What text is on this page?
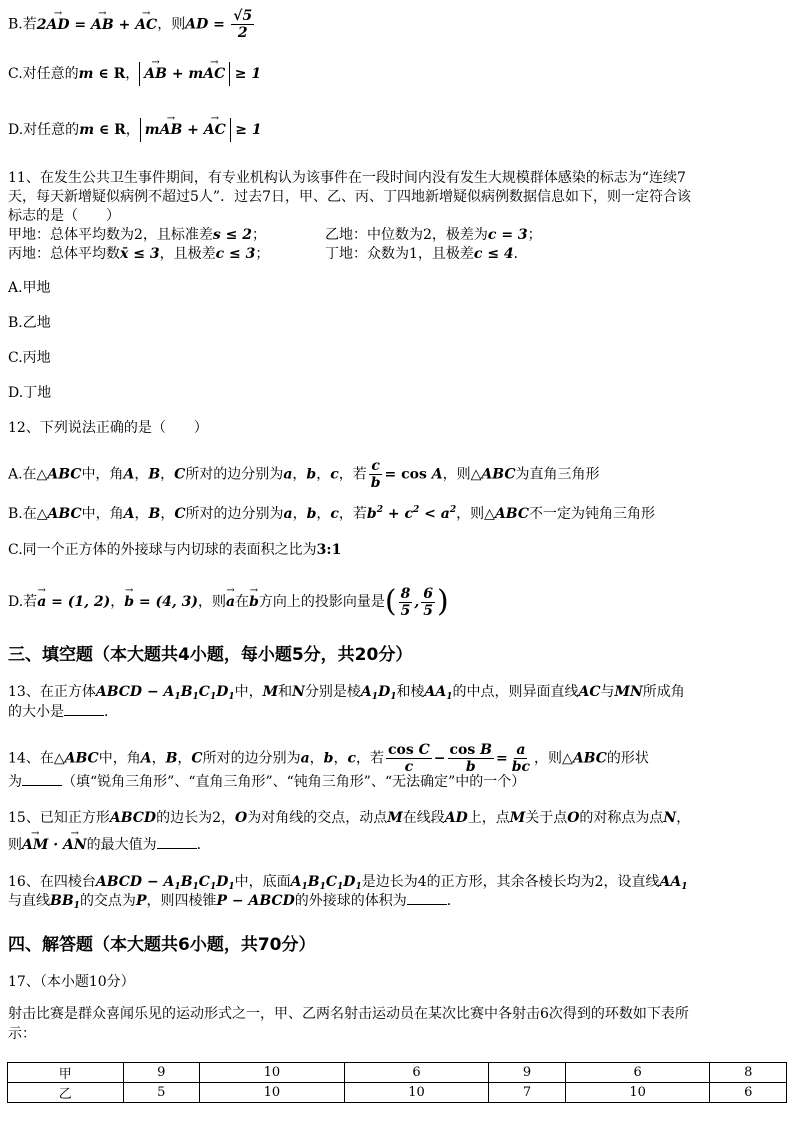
B.若2→ AD = → AB + → AC，则AD = $\frac{√5}{2}$
C.对任意的m ∈ R， → AB + m→ AC ≥ 1
D.对任意的m ∈ R， m→ AB + → AC ≥ 1
11、在发生公共卫生事件期间，有专业机构认为该事件在一段时间内没有发生大规模群体感染的标志为“连续7
天，每天新增疑似病例不超过5人”．过去7日，甲、乙、丙、丁四地新增疑似病例数据信息如下，则一定符合该
标志的是（　　）
甲地：总体平均数为2，且标准差s ≤ 2；	乙地：中位数为2，极差为c = 3；
丙地：总体平均数x̄ ≤ 3，且极差c ≤ 3；	丁地：众数为1，且极差c ≤ 4．
A.甲地
B.乙地
C.丙地
D.丁地
12、下列说法正确的是（　　）
A.在△ABC中，角A，B，C所对的边分别为a，b，c，若 $\frac{c}{b} = \cos A$，则△ABC为直角三角形
B.在△ABC中，角A，B，C所对的边分别为a，b，c，若$b^2 + c^2 < a^2$，则△ABC不一定为钝角三角形
C.同一个正方体的外接球与内切球的表面积之比为3:1
D.若→ a = (1, 2)，→ b = (4, 3)，则→ a在→ b方向上的投影向量是( $\frac{8}{5}$ , $\frac{6}{5}$ )
三、填空题（本大题共4小题，每小题5分，共20分）
13、在正方体ABCD − $A_1B_1C_1D_1$中，M和N分别是棱$A_1D_1$和棱$AA_1$的中点，则异面直线AC与MN所成角
的大小是	．
14、在△ABC中，角A，B，C所对的边分别为a，b，c，若 $\frac{\text{cos C}}{c} - \frac{\text{cos B}}{b} = \frac{a}{bc}$ ，则△ABC的形状
为	（填“锐角三角形”、“直角三角形”、“钝角三角形”、“无法确定”中的一个）
15、已知正方形ABCD的边长为2，O为对角线的交点，动点M在线段AD上，点M关于点O的对称点为点N，
则→ AM · → AN的最大值为	．
16、在四棱台ABCD − $A_1B_1C_1D_1$中，底面$A_1B_1C_1D_1$是边长为4的正方形，其余各棱长均为2，设直线$AA_1$
与直线$BB_1$的交点为P，则四棱锥P − ABCD的外接球的体积为	．
四、解答题（本大题共6小题，共70分）
17、（本小题10分）
射击比赛是群众喜闻乐见的运动形式之一，甲、乙两名射击运动员在某次比赛中各射击6次得到的环数如下表所
示：
甲	9	10	6	9	6	8
乙	5	10	10	7	10	6
